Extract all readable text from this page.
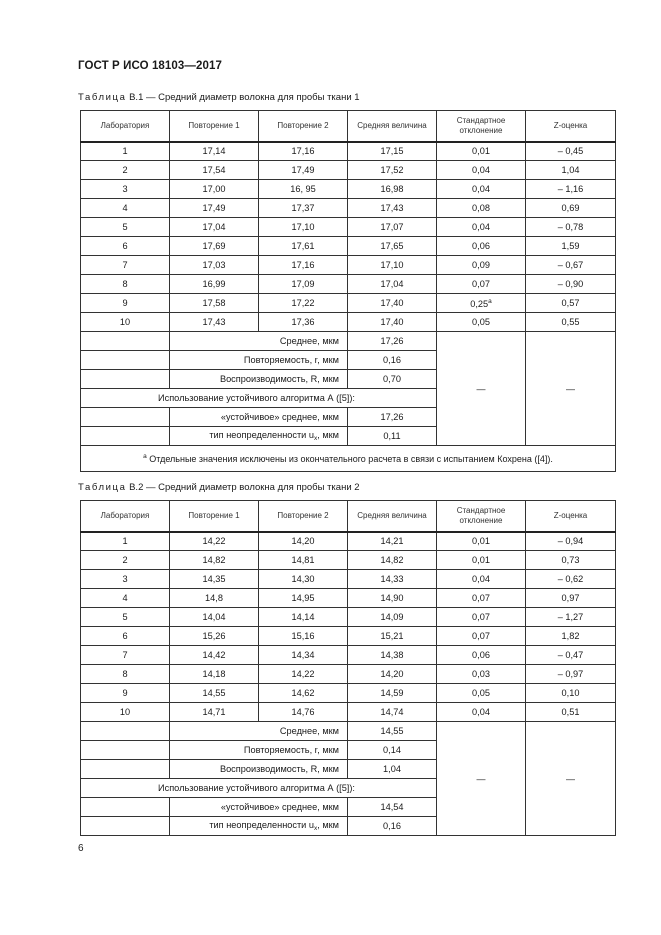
ГОСТ Р ИСО 18103—2017
Таблица B.1 — Средний диаметр волокна для пробы ткани 1
Лаборатория	Повторение 1	Повторение 2	Средняя величина	Стандартное отклонение	Z-оценка
1	17,14	17,16	17,15	0,01	– 0,45
2	17,54	17,49	17,52	0,04	1,04
3	17,00	16, 95	16,98	0,04	– 1,16
4	17,49	17,37	17,43	0,08	0,69
5	17,04	17,10	17,07	0,04	– 0,78
6	17,69	17,61	17,65	0,06	1,59
7	17,03	17,16	17,10	0,09	– 0,67
8	16,99	17,09	17,04	0,07	– 0,90
9	17,58	17,22	17,40	0,25$^a$	0,57
10	17,43	17,36	17,40	0,05	0,55
	Среднее, мкм		17,26	—	—
	Повторяемость, r, мкм		0,16		
	Воспроизводимость, R, мкм		0,70		
Использование устойчивого алгоритма А ([5]):					
	«устойчивое» среднее, мкм		17,26		
	тип неопределенности $u_x$, мкм		0,11		
$^a$ Отдельные значения исключены из окончательного расчета в связи с испытанием Кохрена ([4]).					
Таблица B.2 — Средний диаметр волокна для пробы ткани 2
Лаборатория	Повторение 1	Повторение 2	Средняя величина	Стандартное отклонение	Z-оценка
1	14,22	14,20	14,21	0,01	– 0,94
2	14,82	14,81	14,82	0,01	0,73
3	14,35	14,30	14,33	0,04	– 0,62
4	14,8	14,95	14,90	0,07	0,97
5	14,04	14,14	14,09	0,07	– 1,27
6	15,26	15,16	15,21	0,07	1,82
7	14,42	14,34	14,38	0,06	– 0,47
8	14,18	14,22	14,20	0,03	– 0,97
9	14,55	14,62	14,59	0,05	0,10
10	14,71	14,76	14,74	0,04	0,51
	Среднее, мкм		14,55	—	—
	Повторяемость, r, мкм		0,14		
	Воспроизводимость, R, мкм		1,04		
Использование устойчивого алгоритма А ([5]):					
	«устойчивое» среднее, мкм		14,54		
	тип неопределенности $u_x$, мкм		0,16		
6
